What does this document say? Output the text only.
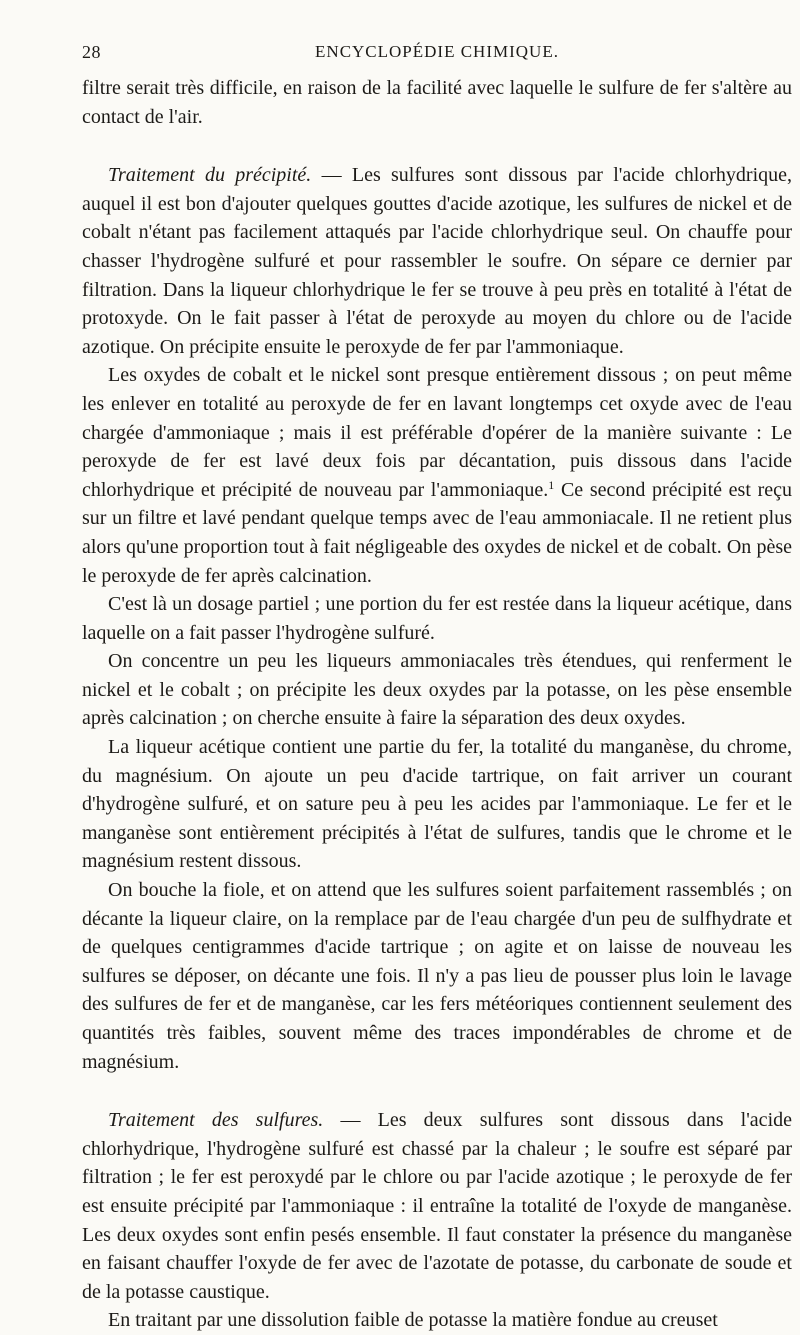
28	ENCYCLOPÉDIE CHIMIQUE.

filtre serait très difficile, en raison de la facilité avec laquelle le sulfure de fer s'altère au contact de l'air.

Traitement du précipité. — Les sulfures sont dissous par l'acide chlorhydrique, auquel il est bon d'ajouter quelques gouttes d'acide azotique, les sulfures de nickel et de cobalt n'étant pas facilement attaqués par l'acide chlorhydrique seul. On chauffe pour chasser l'hydrogène sulfuré et pour rassembler le soufre. On sépare ce dernier par filtration. Dans la liqueur chlorhydrique le fer se trouve à peu près en totalité à l'état de protoxyde. On le fait passer à l'état de peroxyde au moyen du chlore ou de l'acide azotique. On précipite ensuite le peroxyde de fer par l'ammoniaque.

Les oxydes de cobalt et le nickel sont presque entièrement dissous ; on peut même les enlever en totalité au peroxyde de fer en lavant longtemps cet oxyde avec de l'eau chargée d'ammoniaque ; mais il est préférable d'opérer de la manière suivante : Le peroxyde de fer est lavé deux fois par décantation, puis dissous dans l'acide chlorhydrique et précipité de nouveau par l'ammoniaque.$^1$ Ce second précipité est reçu sur un filtre et lavé pendant quelque temps avec de l'eau ammoniacale. Il ne retient plus alors qu'une proportion tout à fait négligeable des oxydes de nickel et de cobalt. On pèse le peroxyde de fer après calcination.

C'est là un dosage partiel ; une portion du fer est restée dans la liqueur acétique, dans laquelle on a fait passer l'hydrogène sulfuré.

On concentre un peu les liqueurs ammoniacales très étendues, qui renferment le nickel et le cobalt ; on précipite les deux oxydes par la potasse, on les pèse ensemble après calcination ; on cherche ensuite à faire la séparation des deux oxydes.

La liqueur acétique contient une partie du fer, la totalité du manganèse, du chrome, du magnésium. On ajoute un peu d'acide tartrique, on fait arriver un courant d'hydrogène sulfuré, et on sature peu à peu les acides par l'ammoniaque. Le fer et le manganèse sont entièrement précipités à l'état de sulfures, tandis que le chrome et le magnésium restent dissous.

On bouche la fiole, et on attend que les sulfures soient parfaitement rassemblés ; on décante la liqueur claire, on la remplace par de l'eau chargée d'un peu de sulfhydrate et de quelques centigrammes d'acide tartrique ; on agite et on laisse de nouveau les sulfures se déposer, on décante une fois. Il n'y a pas lieu de pousser plus loin le lavage des sulfures de fer et de manganèse, car les fers météoriques contiennent seulement des quantités très faibles, souvent même des traces impondérables de chrome et de magnésium.

Traitement des sulfures. — Les deux sulfures sont dissous dans l'acide chlorhydrique, l'hydrogène sulfuré est chassé par la chaleur ; le soufre est séparé par filtration ; le fer est peroxydé par le chlore ou par l'acide azotique ; le peroxyde de fer est ensuite précipité par l'ammoniaque : il entraîne la totalité de l'oxyde de manganèse. Les deux oxydes sont enfin pesés ensemble. Il faut constater la présence du manganèse en faisant chauffer l'oxyde de fer avec de l'azotate de potasse, du carbonate de soude et de la potasse caustique.

En traitant par une dissolution faible de potasse la matière fondue au creuset
